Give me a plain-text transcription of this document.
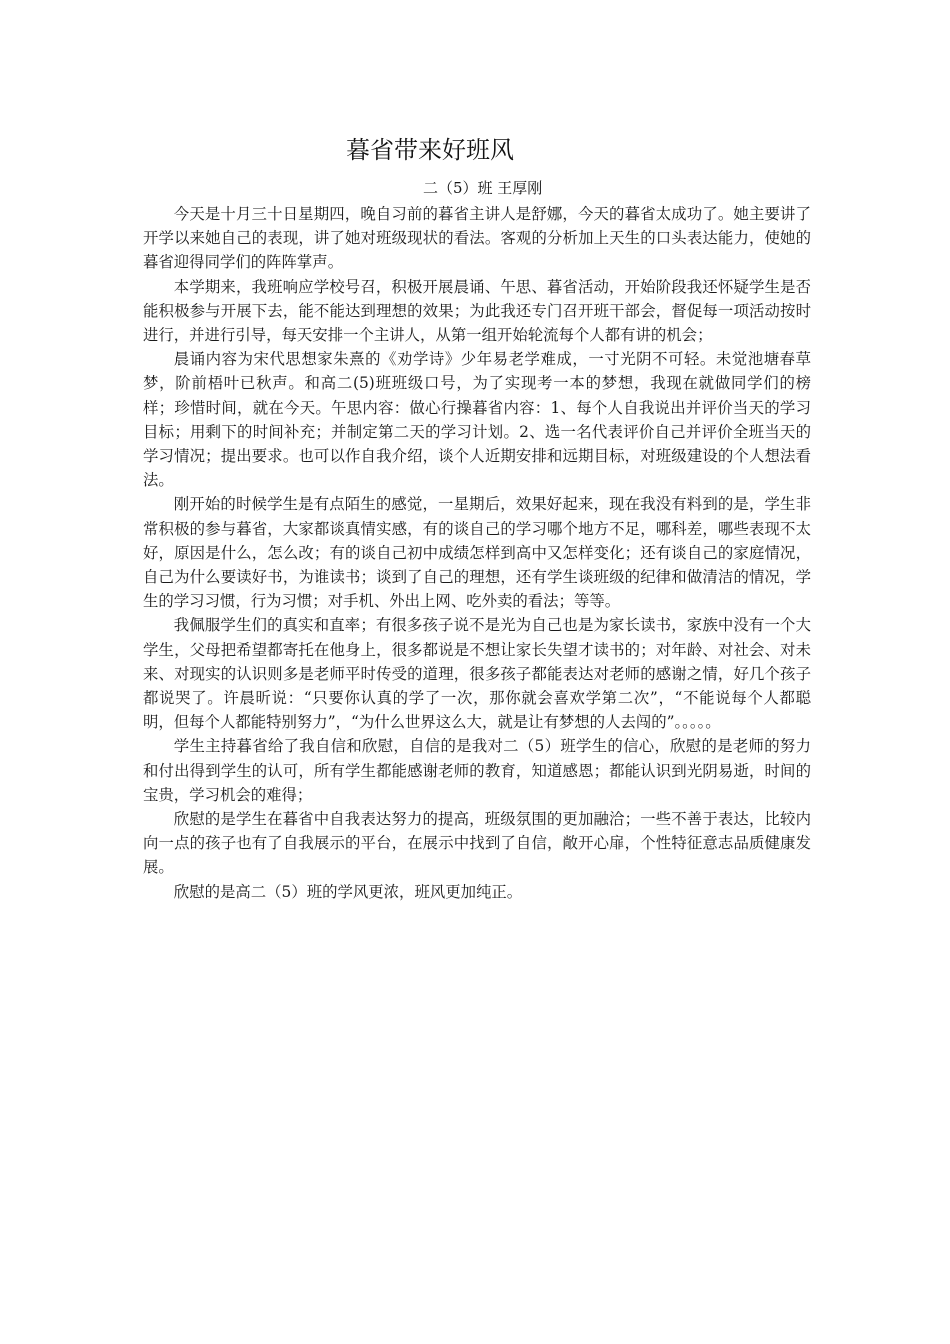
暮省带来好班风
二（5）班 王厚刚

今天是十月三十日星期四，晚自习前的暮省主讲人是舒娜，今天的暮省太成功了。她主要讲了开学以来她自己的表现，讲了她对班级现状的看法。客观的分析加上天生的口头表达能力，使她的暮省迎得同学们的阵阵掌声。

本学期来，我班响应学校号召，积极开展晨诵、午思、暮省活动，开始阶段我还怀疑学生是否能积极参与开展下去，能不能达到理想的效果；为此我还专门召开班干部会，督促每一项活动按时进行，并进行引导，每天安排一个主讲人，从第一组开始轮流每个人都有讲的机会；

晨诵内容为宋代思想家朱熹的《劝学诗》少年易老学难成，一寸光阴不可轻。未觉池塘春草梦，阶前梧叶已秋声。和高二(5)班班级口号，为了实现考一本的梦想，我现在就做同学们的榜样；珍惜时间，就在今天。午思内容：做心行操暮省内容：1、每个人自我说出并评价当天的学习目标；用剩下的时间补充；并制定第二天的学习计划。2、选一名代表评价自己并评价全班当天的学习情况；提出要求。也可以作自我介绍，谈个人近期安排和远期目标，对班级建设的个人想法看法。

刚开始的时候学生是有点陌生的感觉，一星期后，效果好起来，现在我没有料到的是，学生非常积极的参与暮省，大家都谈真情实感，有的谈自己的学习哪个地方不足，哪科差，哪些表现不太好，原因是什么，怎么改；有的谈自己初中成绩怎样到高中又怎样变化；还有谈自己的家庭情况，自己为什么要读好书，为谁读书；谈到了自己的理想，还有学生谈班级的纪律和做清洁的情况，学生的学习习惯，行为习惯；对手机、外出上网、吃外卖的看法；等等。

我佩服学生们的真实和直率；有很多孩子说不是光为自己也是为家长读书，家族中没有一个大学生，父母把希望都寄托在他身上，很多都说是不想让家长失望才读书的；对年龄、对社会、对未来、对现实的认识则多是老师平时传受的道理，很多孩子都能表达对老师的感谢之情，好几个孩子都说哭了。许晨昕说：“只要你认真的学了一次，那你就会喜欢学第二次”，“不能说每个人都聪明，但每个人都能特别努力”，“为什么世界这么大，就是让有梦想的人去闯的”。。。。。

学生主持暮省给了我自信和欣慰，自信的是我对二（5）班学生的信心，欣慰的是老师的努力和付出得到学生的认可，所有学生都能感谢老师的教育，知道感恩；都能认识到光阴易逝，时间的宝贵，学习机会的难得；

欣慰的是学生在暮省中自我表达努力的提高，班级氛围的更加融洽；一些不善于表达，比较内向一点的孩子也有了自我展示的平台，在展示中找到了自信，敞开心扉，个性特征意志品质健康发展。

欣慰的是高二（5）班的学风更浓，班风更加纯正。
